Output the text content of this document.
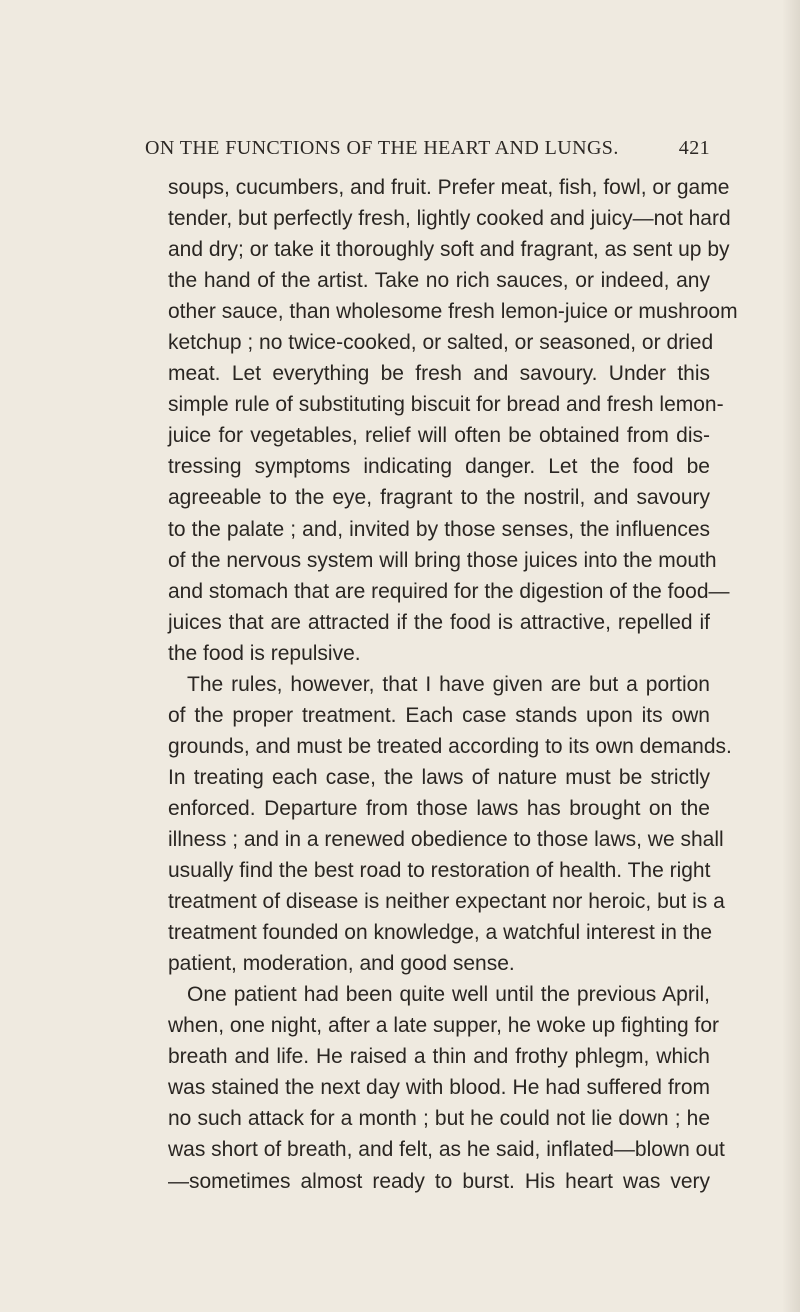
ON THE FUNCTIONS OF THE HEART AND LUNGS.	421
soups, cucumbers, and fruit. Prefer meat, fish, fowl, or game
tender, but perfectly fresh, lightly cooked and juicy—not hard
and dry; or take it thoroughly soft and fragrant, as sent up by
the hand of the artist. Take no rich sauces, or indeed, any
other sauce, than wholesome fresh lemon-juice or mushroom
ketchup ; no twice-cooked, or salted, or seasoned, or dried
meat. Let everything be fresh and savoury. Under this
simple rule of substituting biscuit for bread and fresh lemon-
juice for vegetables, relief will often be obtained from dis-
tressing symptoms indicating danger. Let the food be
agreeable to the eye, fragrant to the nostril, and savoury
to the palate ; and, invited by those senses, the influences
of the nervous system will bring those juices into the mouth
and stomach that are required for the digestion of the food—
juices that are attracted if the food is attractive, repelled if
the food is repulsive.
The rules, however, that I have given are but a portion
of the proper treatment. Each case stands upon its own
grounds, and must be treated according to its own demands.
In treating each case, the laws of nature must be strictly
enforced. Departure from those laws has brought on the
illness ; and in a renewed obedience to those laws, we shall
usually find the best road to restoration of health. The right
treatment of disease is neither expectant nor heroic, but is a
treatment founded on knowledge, a watchful interest in the
patient, moderation, and good sense.
One patient had been quite well until the previous April,
when, one night, after a late supper, he woke up fighting for
breath and life. He raised a thin and frothy phlegm, which
was stained the next day with blood. He had suffered from
no such attack for a month ; but he could not lie down ; he
was short of breath, and felt, as he said, inflated—blown out
—sometimes almost ready to burst. His heart was very
